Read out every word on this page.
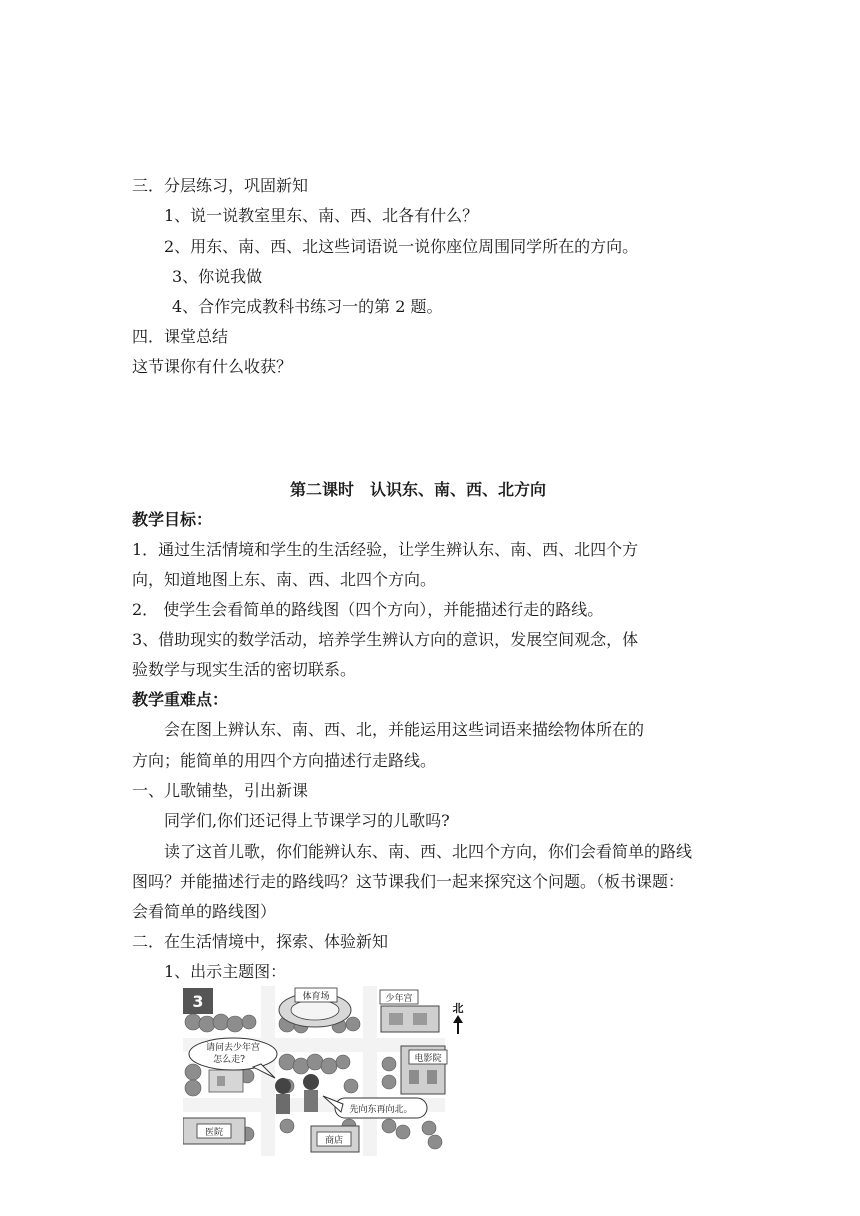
三．分层练习，巩固新知
1、说一说教室里东、南、西、北各有什么？
2、用东、南、西、北这些词语说一说你座位周围同学所在的方向。
3、你说我做
4、合作完成教科书练习一的第 2 题。
四．课堂总结
这节课你有什么收获？
第二课时　认识东、南、西、北方向
教学目标：
1．通过生活情境和学生的生活经验，让学生辨认东、南、西、北四个方
向，知道地图上东、南、西、北四个方向。
2． 使学生会看简单的路线图（四个方向），并能描述行走的路线。
3、借助现实的数学活动，培养学生辨认方向的意识，发展空间观念，体
验数学与现实生活的密切联系。
教学重难点：
会在图上辨认东、南、西、北，并能运用这些词语来描绘物体所在的
方向；能简单的用四个方向描述行走路线。
一、儿歌铺垫，引出新课
同学们,你们还记得上节课学习的儿歌吗?
读了这首儿歌，你们能辨认东、南、西、北四个方向，你们会看简单的路线
图吗？并能描述行走的路线吗？这节课我们一起来探究这个问题。（板书课题：
会看简单的路线图）
二．在生活情境中，探索、体验新知
1、出示主题图：
3	体育场	少年宫
北
电影院
医院
商店
请问去少年宫
怎么走?
先向东再向北。
